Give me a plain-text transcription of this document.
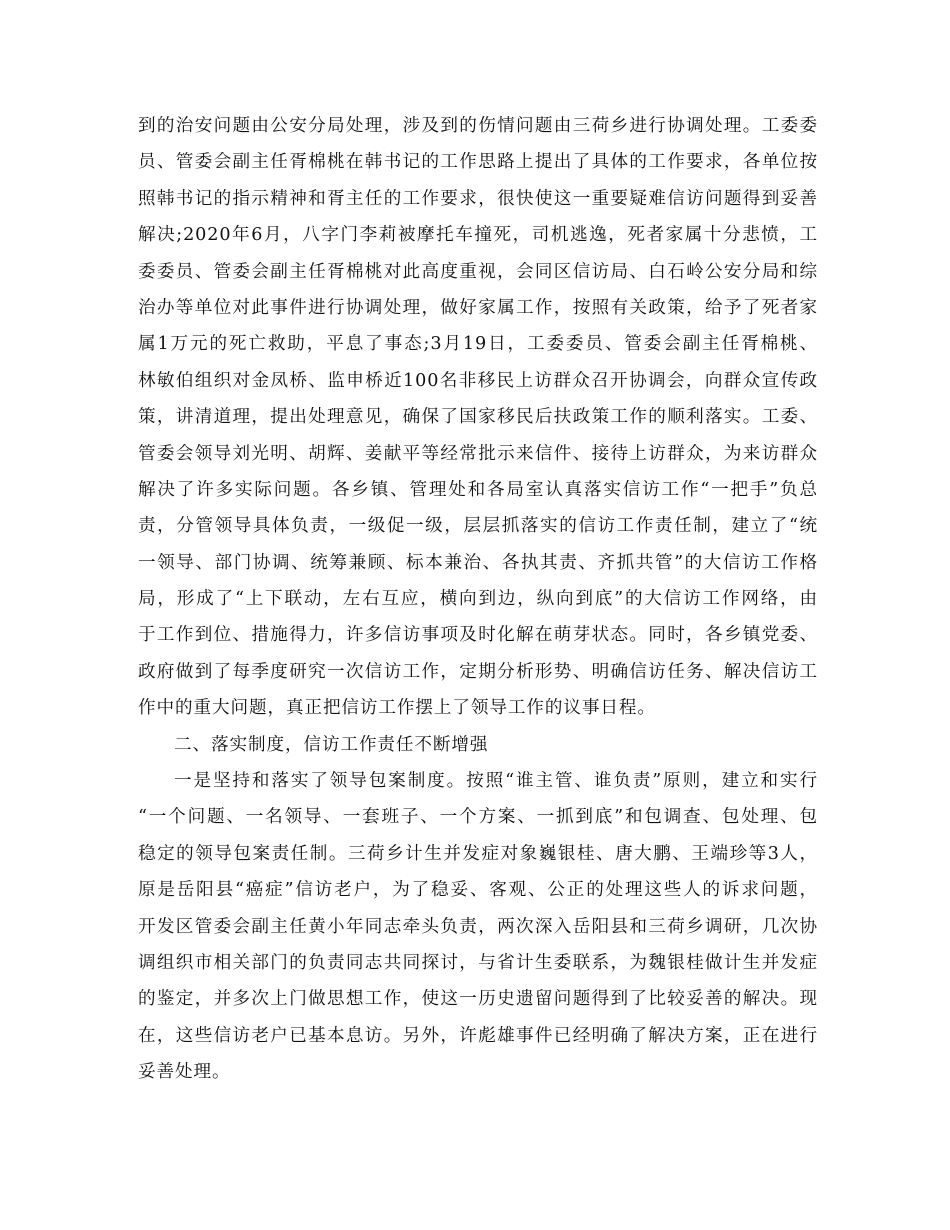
到的治安问题由公安分局处理，涉及到的伤情问题由三荷乡进行协调处理。工委委
员、管委会副主任胥棉桃在韩书记的工作思路上提出了具体的工作要求，各单位按
照韩书记的指示精神和胥主任的工作要求，很快使这一重要疑难信访问题得到妥善
解决;2020年6月，八字门李莉被摩托车撞死，司机逃逸，死者家属十分悲愤，工
委委员、管委会副主任胥棉桃对此高度重视，会同区信访局、白石岭公安分局和综
治办等单位对此事件进行协调处理，做好家属工作，按照有关政策，给予了死者家
属1万元的死亡救助，平息了事态;3月19日，工委委员、管委会副主任胥棉桃、
林敏伯组织对金凤桥、监申桥近100名非移民上访群众召开协调会，向群众宣传政
策，讲清道理，提出处理意见，确保了国家移民后扶政策工作的顺利落实。工委、
管委会领导刘光明、胡辉、姜献平等经常批示来信件、接待上访群众，为来访群众
解决了许多实际问题。各乡镇、管理处和各局室认真落实信访工作“一把手”负总
责，分管领导具体负责，一级促一级，层层抓落实的信访工作责任制，建立了“统
一领导、部门协调、统筹兼顾、标本兼治、各执其责、齐抓共管”的大信访工作格
局，形成了“上下联动，左右互应，横向到边，纵向到底”的大信访工作网络，由
于工作到位、措施得力，许多信访事项及时化解在萌芽状态。同时，各乡镇党委、
政府做到了每季度研究一次信访工作，定期分析形势、明确信访任务、解决信访工
作中的重大问题，真正把信访工作摆上了领导工作的议事日程。
二、落实制度，信访工作责任不断增强
一是坚持和落实了领导包案制度。按照“谁主管、谁负责”原则，建立和实行
“一个问题、一名领导、一套班子、一个方案、一抓到底”和包调查、包处理、包
稳定的领导包案责任制。三荷乡计生并发症对象巍银桂、唐大鹏、王端珍等3人，
原是岳阳县“癌症”信访老户，为了稳妥、客观、公正的处理这些人的诉求问题，
开发区管委会副主任黄小年同志牵头负责，两次深入岳阳县和三荷乡调研，几次协
调组织市相关部门的负责同志共同探讨，与省计生委联系，为魏银桂做计生并发症
的鉴定，并多次上门做思想工作，使这一历史遗留问题得到了比较妥善的解决。现
在，这些信访老户已基本息访。另外，许彪雄事件已经明确了解决方案，正在进行
妥善处理。
